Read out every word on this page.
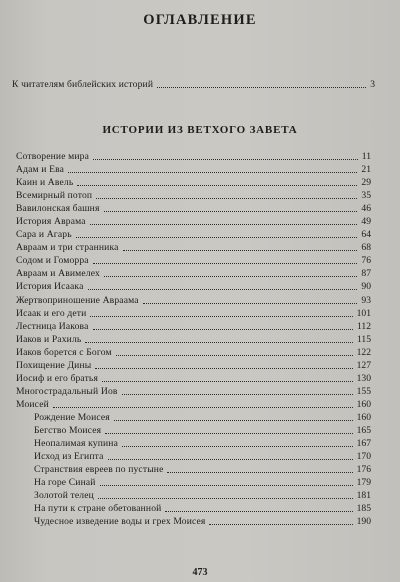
ОГЛАВЛЕНИЕ
К читателям библейских историй	3
ИСТОРИИ ИЗ ВЕТХОГО ЗАВЕТА
Сотворение мира	11
Адам и Ева	21
Каин и Авель	29
Всемирный потоп	35
Вавилонская башня	46
История Аврама	49
Сара и Агарь	64
Авраам и три странника	68
Содом и Гоморра	76
Авраам и Авимелех	87
История Исаака	90
Жертвоприношение Авраама	93
Исаак и его дети	101
Лестница Иакова	112
Иаков и Рахиль	115
Иаков борется с Богом	122
Похищение Дины	127
Иосиф и его братья	130
Многострадальный Иов	155
Моисей	160
Рождение Моисея	160
Бегство Моисея	165
Неопалимая купина	167
Исход из Египта	170
Странствия евреев по пустыне	176
На горе Синай	179
Золотой телец	181
На пути к стране обетованной	185
Чудесное изведение воды и грех Моисея	190
473
